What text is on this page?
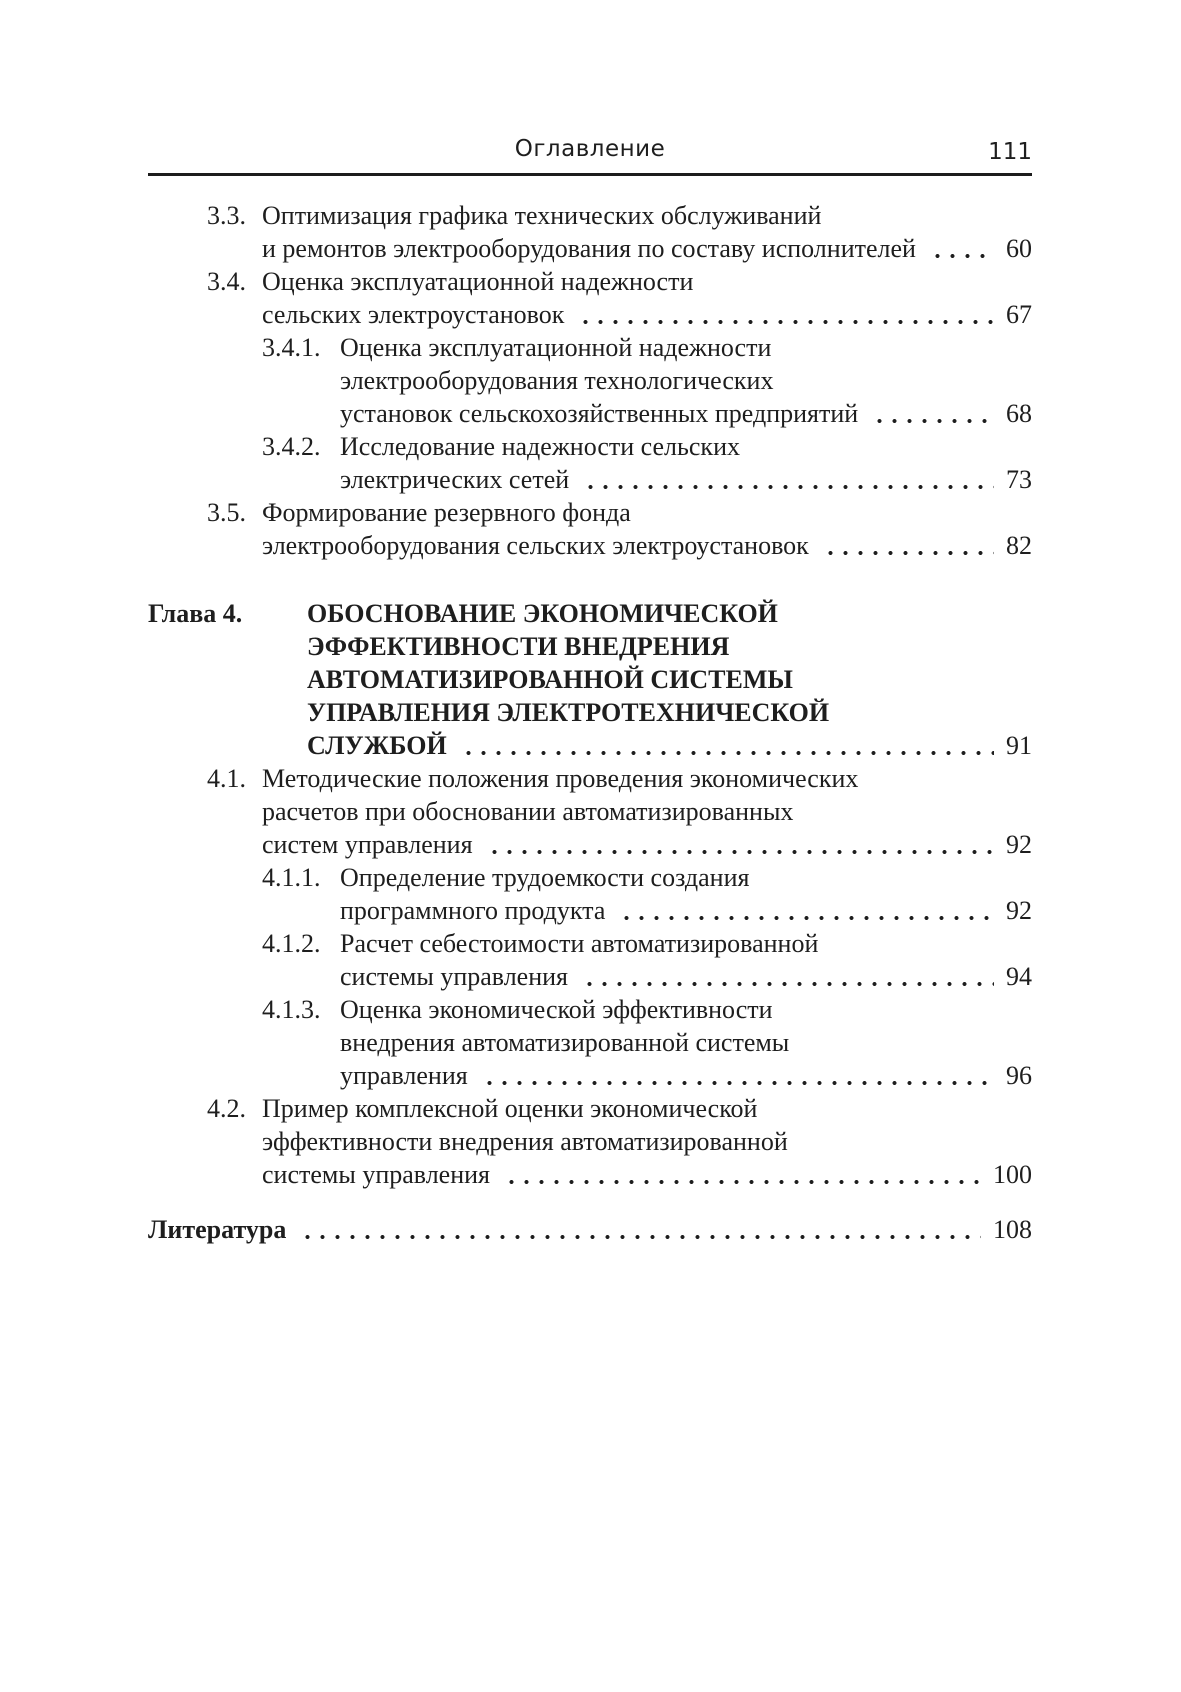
Оглавление	111
3.3. Оптимизация графика технических обслуживаний
и ремонтов электрооборудования по составу исполнителей	60
3.4. Оценка эксплуатационной надежности
сельских электроустановок	67
3.4.1. Оценка эксплуатационной надежности
электрооборудования технологических
установок сельскохозяйственных предприятий	68
3.4.2. Исследование надежности сельских
электрических сетей	73
3.5. Формирование резервного фонда
электрооборудования сельских электроустановок	82
Глава 4.	ОБОСНОВАНИЕ ЭКОНОМИЧЕСКОЙ
ЭФФЕКТИВНОСТИ ВНЕДРЕНИЯ
АВТОМАТИЗИРОВАННОЙ СИСТЕМЫ
УПРАВЛЕНИЯ ЭЛЕКТРОТЕХНИЧЕСКОЙ
СЛУЖБОЙ	91
4.1. Методические положения проведения экономических
расчетов при обосновании автоматизированных
систем управления	92
4.1.1. Определение трудоемкости создания
программного продукта	92
4.1.2. Расчет себестоимости автоматизированной
системы управления	94
4.1.3. Оценка экономической эффективности
внедрения автоматизированной системы
управления	96
4.2. Пример комплексной оценки экономической
эффективности внедрения автоматизированной
системы управления	100
Литература	108
